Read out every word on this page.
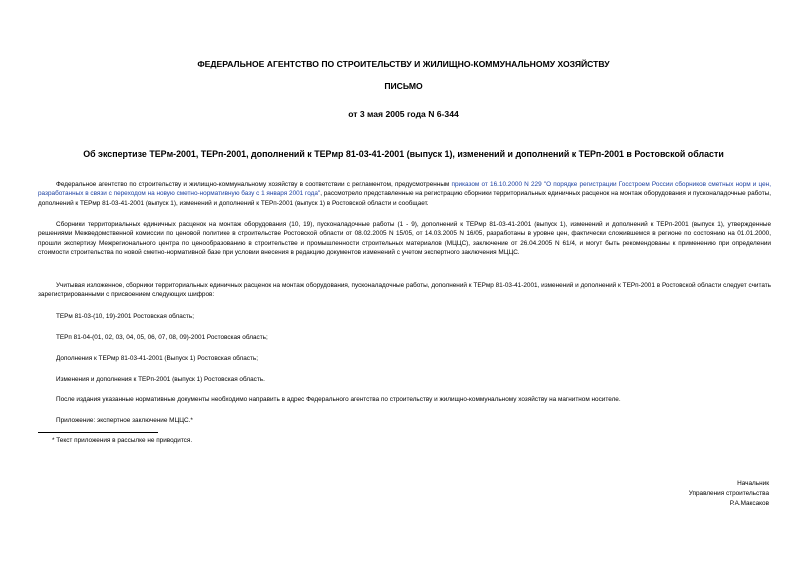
ФЕДЕРАЛЬНОЕ АГЕНТСТВО ПО СТРОИТЕЛЬСТВУ И ЖИЛИЩНО-КОММУНАЛЬНОМУ ХОЗЯЙСТВУ
ПИСЬМО
от 3 мая 2005 года N 6-344
Об экспертизе ТЕРм-2001, ТЕРп-2001, дополнений к ТЕРмр 81-03-41-2001 (выпуск 1), изменений и дополнений к ТЕРп-2001 в Ростовской области
Федеральное агентство по строительству и жилищно-коммунальному хозяйству в соответствии с регламентом, предусмотренным приказом от 16.10.2000 N 229 "О порядке регистрации Госстроем России сборников сметных норм и цен, разработанных в связи с переходом на новую сметно-нормативную базу с 1 января 2001 года", рассмотрело представленные на регистрацию сборники территориальных единичных расценок на монтаж оборудования и пусконаладочные работы, дополнений к ТЕРмр 81-03-41-2001 (выпуск 1), изменений и дополнений к ТЕРп-2001 (выпуск 1) в Ростовской области и сообщает.
Сборники территориальных единичных расценок на монтаж оборудования (10, 19), пусконаладочные работы (1 - 9), дополнений к ТЕРмр 81-03-41-2001 (выпуск 1), изменений и дополнений к ТЕРп-2001 (выпуск 1), утвержденные решениями Межведомственной комиссии по ценовой политике в строительстве Ростовской области от 08.02.2005 N 15/05, от 14.03.2005 N 16/05, разработаны в уровне цен, фактически сложившемся в регионе по состоянию на 01.01.2000, прошли экспертизу Межрегионального центра по ценообразованию в строительстве и промышленности строительных материалов (МЦЦС), заключение от 26.04.2005 N 61/4, и могут быть рекомендованы к применению при определении стоимости строительства по новой сметно-нормативной базе при условии внесения в редакцию документов изменений с учетом экспертного заключения МЦЦС.
Учитывая изложенное, сборники территориальных единичных расценок на монтаж оборудования, пусконаладочные работы, дополнений к ТЕРмр 81-03-41-2001, изменений и дополнений к ТЕРп-2001 в Ростовской области следует считать зарегистрированными с присвоением следующих шифров:
ТЕРм 81-03-(10, 19)-2001 Ростовская область;
ТЕРп 81-04-(01, 02, 03, 04, 05, 06, 07, 08, 09)-2001 Ростовская область;
Дополнения к ТЕРмр 81-03-41-2001 (Выпуск 1) Ростовская область;
Изменения и дополнения к ТЕРп-2001 (выпуск 1) Ростовская область.
После издания указанные нормативные документы необходимо направить в адрес Федерального агентства по строительству и жилищно-коммунальному хозяйству на магнитном носителе.
Приложение: экспертное заключение МЦЦС.*
* Текст приложения в рассылке не приводится.
Начальник
Управления строительства
Р.А.Максаков
